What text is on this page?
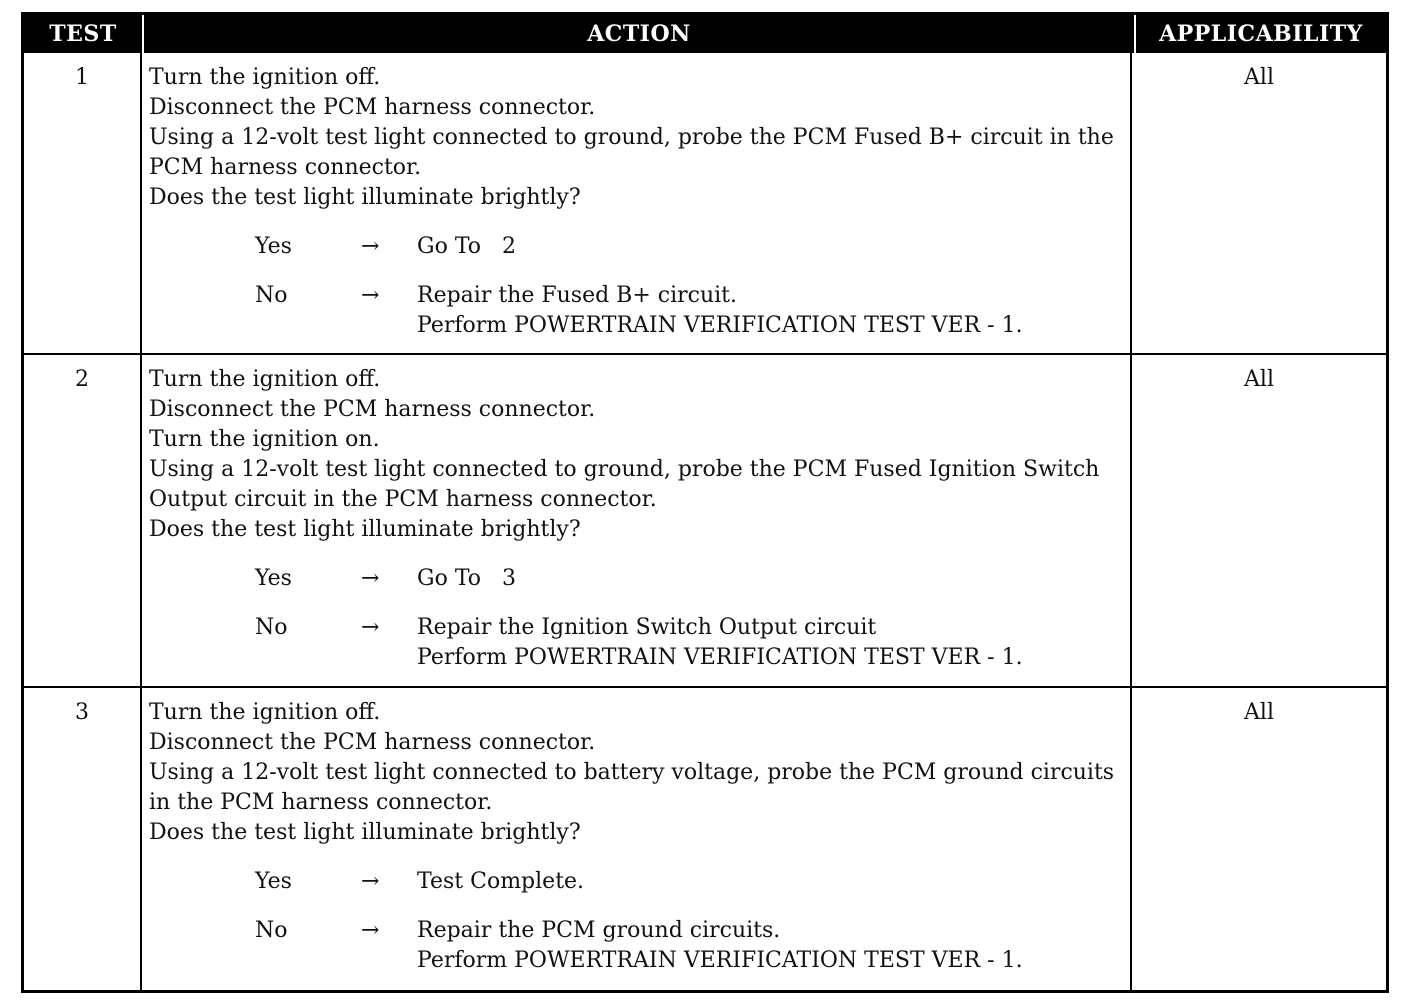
TEST	ACTION	APPLICABILITY
1	Turn the ignition off.
Disconnect the PCM harness connector.
Using a 12-volt test light connected to ground, probe the PCM Fused B+ circuit in the PCM harness connector.
Does the test light illuminate brightly?
Yes	→	Go To   2
No	→	Repair the Fused B+ circuit.
Perform POWERTRAIN VERIFICATION TEST VER - 1.
All
2	Turn the ignition off.
Disconnect the PCM harness connector.
Turn the ignition on.
Using a 12-volt test light connected to ground, probe the PCM Fused Ignition Switch Output circuit in the PCM harness connector.
Does the test light illuminate brightly?
Yes	→	Go To   3
No	→	Repair the Ignition Switch Output circuit
Perform POWERTRAIN VERIFICATION TEST VER - 1.
All
3	Turn the ignition off.
Disconnect the PCM harness connector.
Using a 12-volt test light connected to battery voltage, probe the PCM ground circuits in the PCM harness connector.
Does the test light illuminate brightly?
Yes	→	Test Complete.
No	→	Repair the PCM ground circuits.
Perform POWERTRAIN VERIFICATION TEST VER - 1.
All
